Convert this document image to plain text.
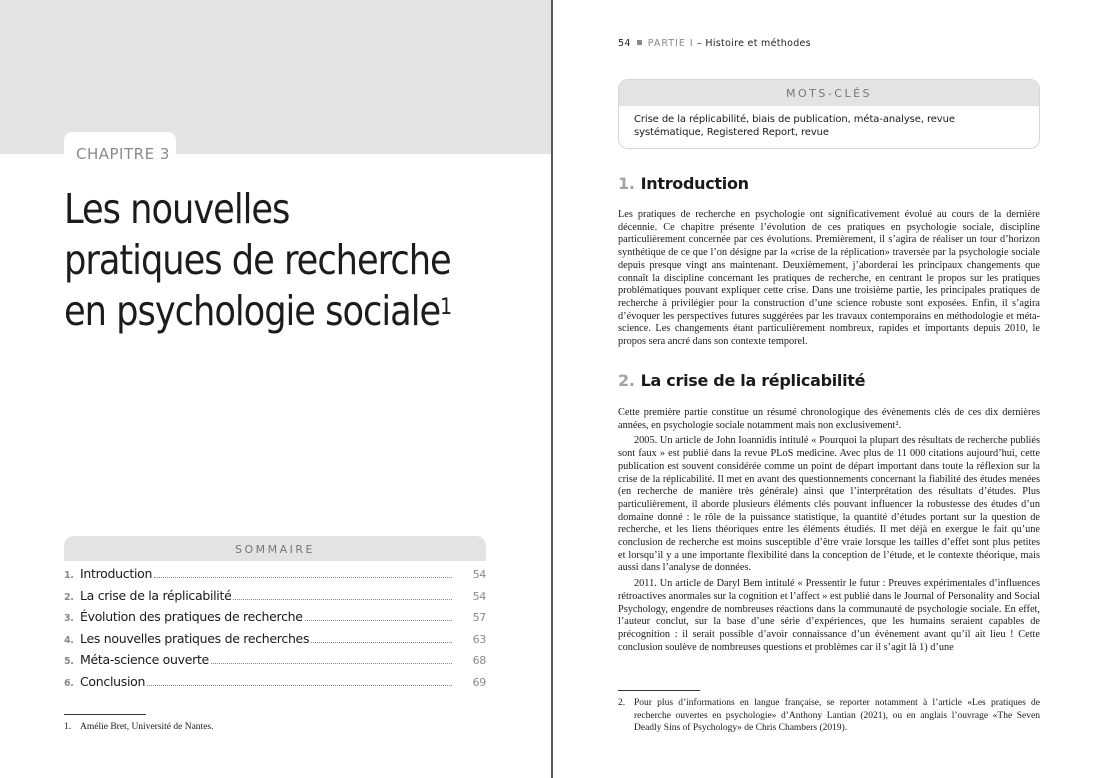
CHAPITRE 3
Les nouvelles
pratiques de recherche
en psychologie sociale$^1$
SOMMAIRE
1. Introduction	54
2. La crise de la réplicabilité	54
3. Évolution des pratiques de recherche	57
4. Les nouvelles pratiques de recherches	63
5. Méta-science ouverte	68
6. Conclusion	69
1. Amélie Bret, Université de Nantes.
54 PARTIE I – Histoire et méthodes
MOTS-CLÉS
Crise de la réplicabilité, biais de publication, méta-analyse, revue systématique, Registered Report, revue
1. Introduction

Les pratiques de recherche en psychologie ont significativement évolué au cours de la dernière décennie. Ce chapitre présente l’évolution de ces pratiques en psychologie sociale, discipline particulièrement concernée par ces évolutions. Premièrement, il s’agira de réaliser un tour d’horizon synthétique de ce que l’on désigne par la «crise de la réplication» traversée par la psychologie sociale depuis presque vingt ans maintenant. Deuxièmement, j’aborderai les principaux changements que connaît la discipline concernant les pratiques de recherche, en centrant le propos sur les pratiques problématiques pouvant expliquer cette crise. Dans une troisième partie, les principales pratiques de recherche à privilégier pour la construction d’une science robuste sont exposées. Enfin, il s’agira d’évoquer les perspectives futures suggérées par les travaux contemporains en méthodologie et méta-science. Les changements étant particulièrement nombreux, rapides et importants depuis 2010, le propos sera ancré dans son contexte temporel.

2. La crise de la réplicabilité

Cette première partie constitue un résumé chronologique des évènements clés de ces dix dernières années, en psychologie sociale notamment mais non exclusivement².

2005. Un article de John Ioannidis intitulé « Pourquoi la plupart des résultats de recherche publiés sont faux » est publié dans la revue PLoS medicine. Avec plus de 11 000 citations aujourd’hui, cette publication est souvent considérée comme un point de départ important dans toute la réflexion sur la crise de la réplicabilité. Il met en avant des questionnements concernant la fiabilité des études menées (en recherche de manière très générale) ainsi que l’interprétation des résultats d’études. Plus particulièrement, il aborde plusieurs éléments clés pouvant influencer la robustesse des études d’un domaine donné : le rôle de la puissance statistique, la quantité d’études portant sur la question de recherche, et les liens théoriques entre les éléments étudiés. Il met déjà en exergue le fait qu’une conclusion de recherche est moins susceptible d’être vraie lorsque les tailles d’effet sont plus petites et lorsqu’il y a une importante flexibilité dans la conception de l’étude, et le contexte théorique, mais aussi dans l’analyse de données.

2011. Un article de Daryl Bem intitulé « Pressentir le futur : Preuves expérimentales d’influences rétroactives anormales sur la cognition et l’affect » est publié dans le Journal of Personality and Social Psychology, engendre de nombreuses réactions dans la communauté de psychologie sociale. En effet, l’auteur conclut, sur la base d’une série d’expériences, que les humains seraient capables de précognition : il serait possible d’avoir connaissance d’un événement avant qu’il ait lieu ! Cette conclusion soulève de nombreuses questions et problèmes car il s’agit là 1) d’une

2. Pour plus d’informations en langue française, se reporter notamment à l’article «Les pratiques de recherche ouvertes en psychologie» d’Anthony Lantian (2021), ou en anglais l’ouvrage «The Seven Deadly Sins of Psychology» de Chris Chambers (2019).
